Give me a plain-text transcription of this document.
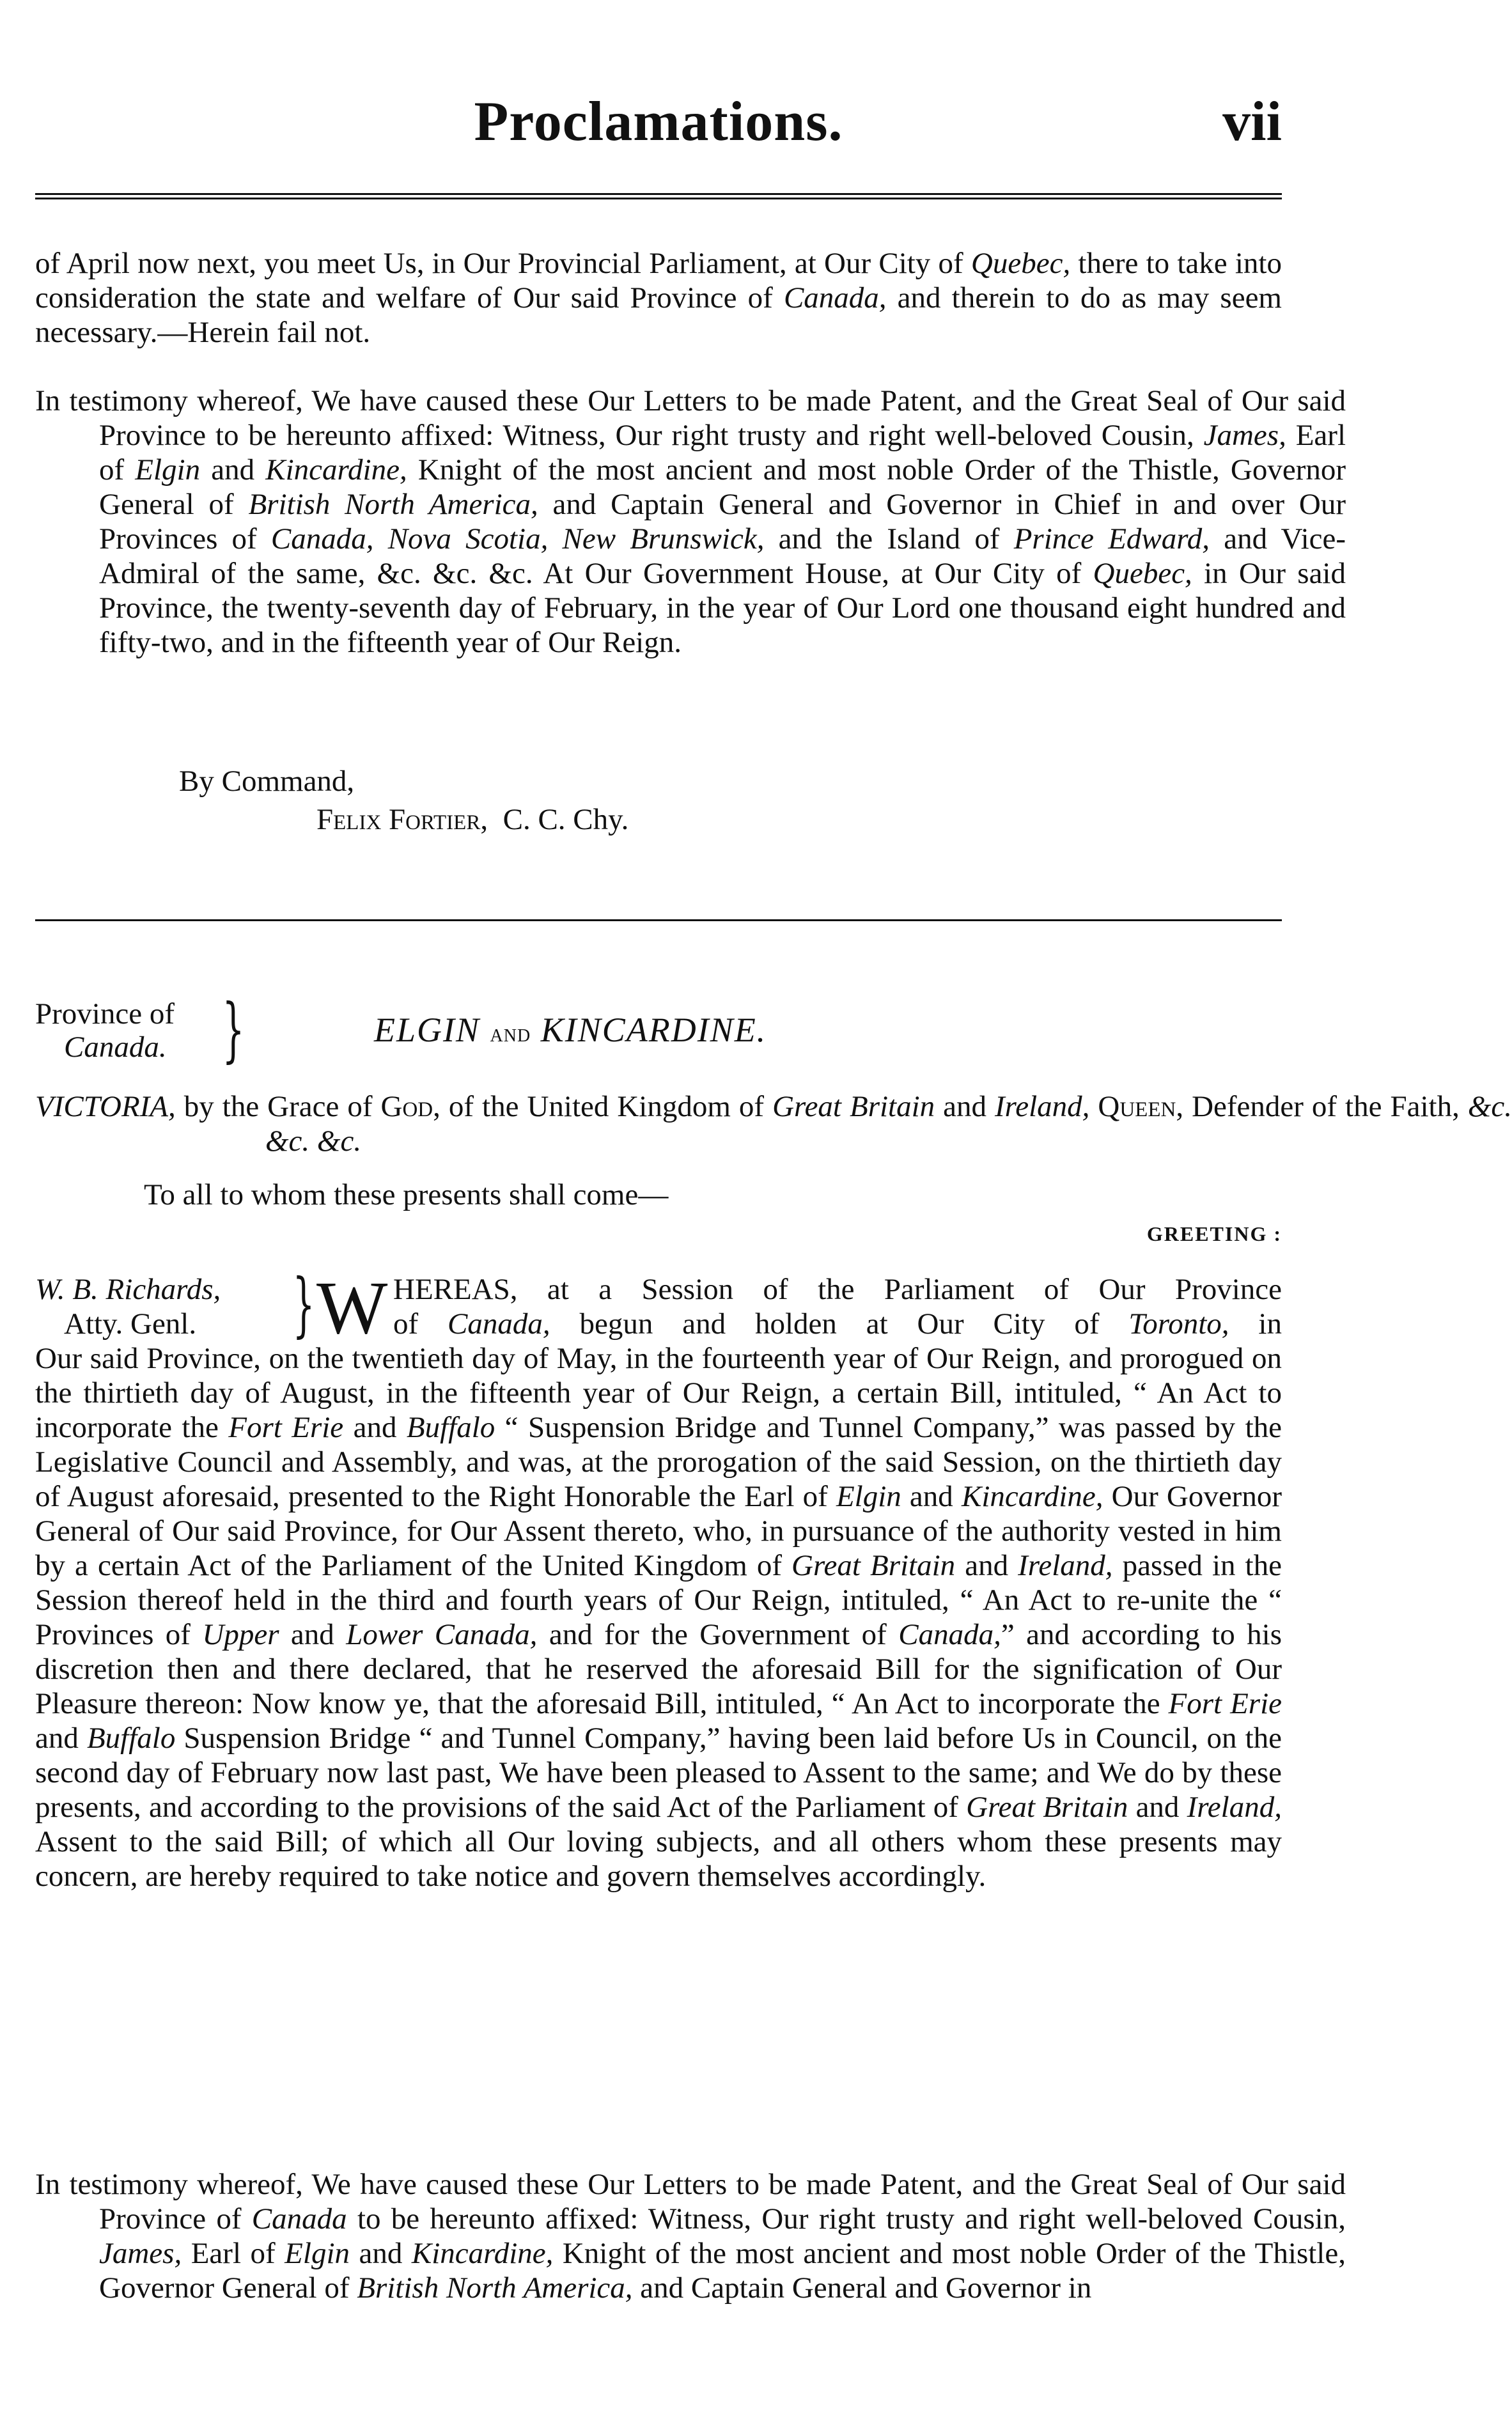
Proclamations.	vii
of April now next, you meet Us, in Our Provincial Parliament, at Our City of Quebec, there to take into consideration the state and welfare of Our said Province of Canada, and therein to do as may seem necessary.—Herein fail not.
In testimony whereof, We have caused these Our Letters to be made Patent, and the Great Seal of Our said Province to be hereunto affixed: Witness, Our right trusty and right well-beloved Cousin, James, Earl of Elgin and Kincardine, Knight of the most ancient and most noble Order of the Thistle, Governor General of British North America, and Captain General and Governor in Chief in and over Our Provinces of Canada, Nova Scotia, New Brunswick, and the Island of Prince Edward, and Vice-Admiral of the same, &c. &c. &c. At Our Government House, at Our City of Quebec, in Our said Province, the twenty-seventh day of February, in the year of Our Lord one thousand eight hundred and fifty-two, and in the fifteenth year of Our Reign.
By Command,
Felix Fortier, C. C. Chy.
Province of
Canada. }	ELGIN and KINCARDINE.
VICTORIA, by the Grace of God, of the United Kingdom of Great Britain and Ireland, Queen, Defender of the Faith, &c. &c. &c.
To all to whom these presents shall come—
GREETING :
W. B. Richards,
Atty. Genl.	} W HEREAS, at a Session of the Parliament of Our Province
of Canada, begun and holden at Our City of Toronto, in
Our said Province, on the twentieth day of May, in the fourteenth year of Our Reign, and prorogued on the thirtieth day of August, in the fifteenth year of Our Reign, a certain Bill, intituled, “ An Act to incorporate the Fort Erie and Buffalo “ Suspension Bridge and Tunnel Company,” was passed by the Legislative Council and Assembly, and was, at the prorogation of the said Session, on the thirtieth day of August aforesaid, presented to the Right Honorable the Earl of Elgin and Kincardine, Our Governor General of Our said Province, for Our Assent thereto, who, in pursuance of the authority vested in him by a certain Act of the Parliament of the United Kingdom of Great Britain and Ireland, passed in the Session thereof held in the third and fourth years of Our Reign, intituled, “ An Act to re-unite the “ Provinces of Upper and Lower Canada, and for the Government of Canada,” and according to his discretion then and there declared, that he reserved the aforesaid Bill for the signification of Our Pleasure thereon: Now know ye, that the aforesaid Bill, intituled, “ An Act to incorporate the Fort Erie and Buffalo Suspension Bridge “ and Tunnel Company,” having been laid before Us in Council, on the second day of February now last past, We have been pleased to Assent to the same; and We do by these presents, and according to the provisions of the said Act of the Parliament of Great Britain and Ireland, Assent to the said Bill; of which all Our loving subjects, and all others whom these presents may concern, are hereby required to take notice and govern themselves accordingly.
In testimony whereof, We have caused these Our Letters to be made Patent, and the Great Seal of Our said Province of Canada to be hereunto affixed: Witness, Our right trusty and right well-beloved Cousin, James, Earl of Elgin and Kincardine, Knight of the most ancient and most noble Order of the Thistle, Governor General of British North America, and Captain General and Governor in
